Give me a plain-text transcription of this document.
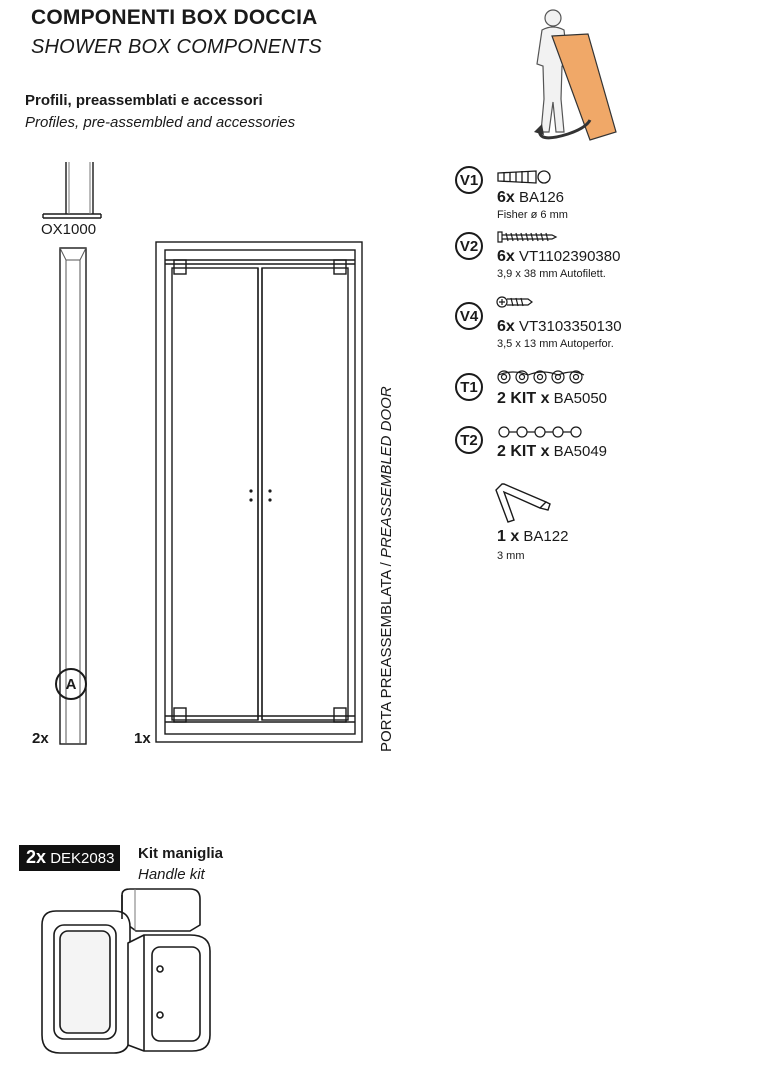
COMPONENTI BOX DOCCIA
SHOWER BOX COMPONENTS
Profili, preassemblati e accessori
Profiles, pre-assembled and accessories
OX1000
A
2x	1x	PORTA PREASSEMBLATA / PREASSEMBLED DOOR
V1
6x BA126
Fisher ø 6 mm
V2
6x VT1102390380
3,9 x 38 mm Autofilett.
V4
6x VT3103350130
3,5 x 13 mm Autoperfor.
T1
2 KIT x BA5050
T2
2 KIT x BA5049
1 x BA122
3 mm
2x DEK2083	Kit maniglia
Handle kit
